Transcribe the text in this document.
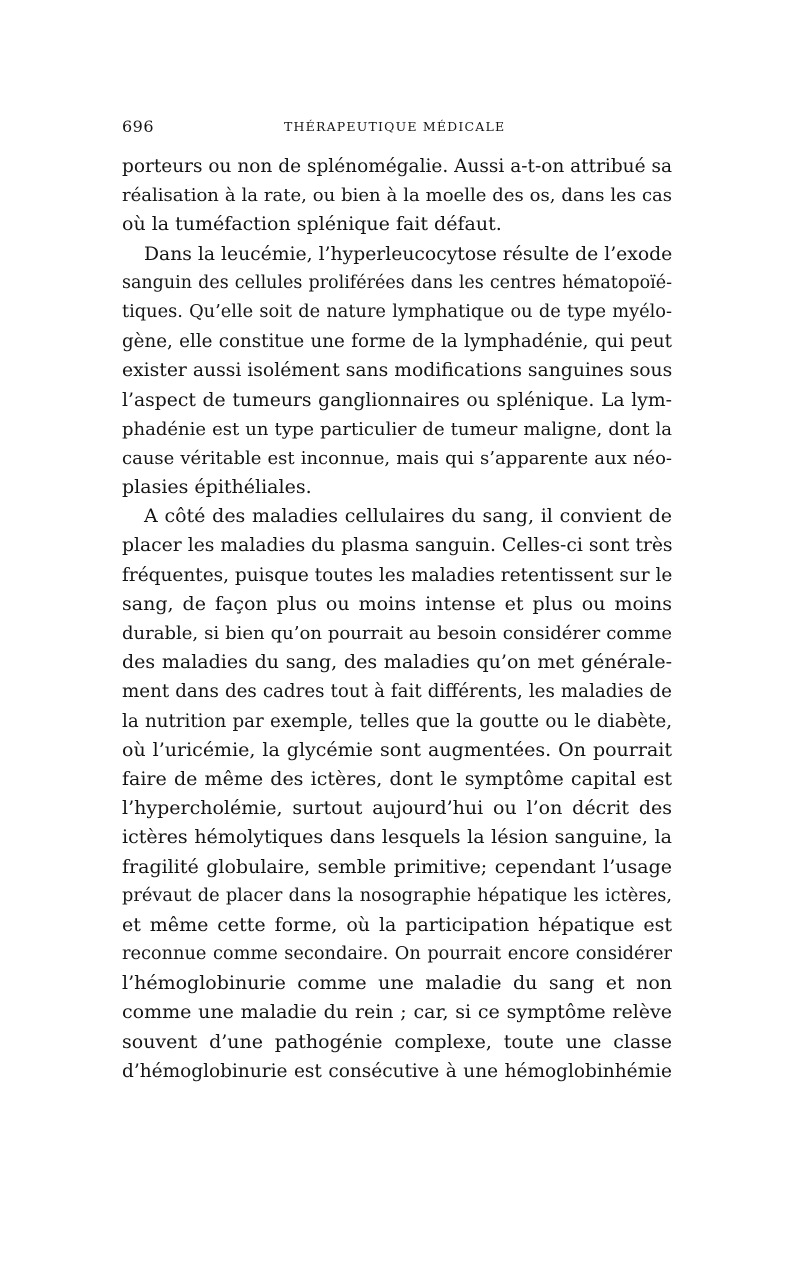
696	THÉRAPEUTIQUE MÉDICALE
porteurs ou non de splénomégalie. Aussi a-t-on attribué sa
réalisation à la rate, ou bien à la moelle des os, dans les cas
où la tuméfaction splénique fait défaut.
Dans la leucémie, l’hyperleucocytose résulte de l’exode
sanguin des cellules proliférées dans les centres hématopoïé-
tiques. Qu’elle soit de nature lymphatique ou de type myélo-
gène, elle constitue une forme de la lymphadénie, qui peut
exister aussi isolément sans modifications sanguines sous
l’aspect de tumeurs ganglionnaires ou splénique. La lym-
phadénie est un type particulier de tumeur maligne, dont la
cause véritable est inconnue, mais qui s’apparente aux néo-
plasies épithéliales.
A côté des maladies cellulaires du sang, il convient de
placer les maladies du plasma sanguin. Celles-ci sont très
fréquentes, puisque toutes les maladies retentissent sur le
sang, de façon plus ou moins intense et plus ou moins
durable, si bien qu’on pourrait au besoin considérer comme
des maladies du sang, des maladies qu’on met générale-
ment dans des cadres tout à fait différents, les maladies de
la nutrition par exemple, telles que la goutte ou le diabète,
où l’uricémie, la glycémie sont augmentées. On pourrait
faire de même des ictères, dont le symptôme capital est
l’hypercholémie, surtout aujourd’hui ou l’on décrit des
ictères hémolytiques dans lesquels la lésion sanguine, la
fragilité globulaire, semble primitive; cependant l’usage
prévaut de placer dans la nosographie hépatique les ictères,
et même cette forme, où la participation hépatique est
reconnue comme secondaire. On pourrait encore considérer
l’hémoglobinurie comme une maladie du sang et non
comme une maladie du rein ; car, si ce symptôme relève
souvent d’une pathogénie complexe, toute une classe
d’hémoglobinurie est consécutive à une hémoglobinhémie
